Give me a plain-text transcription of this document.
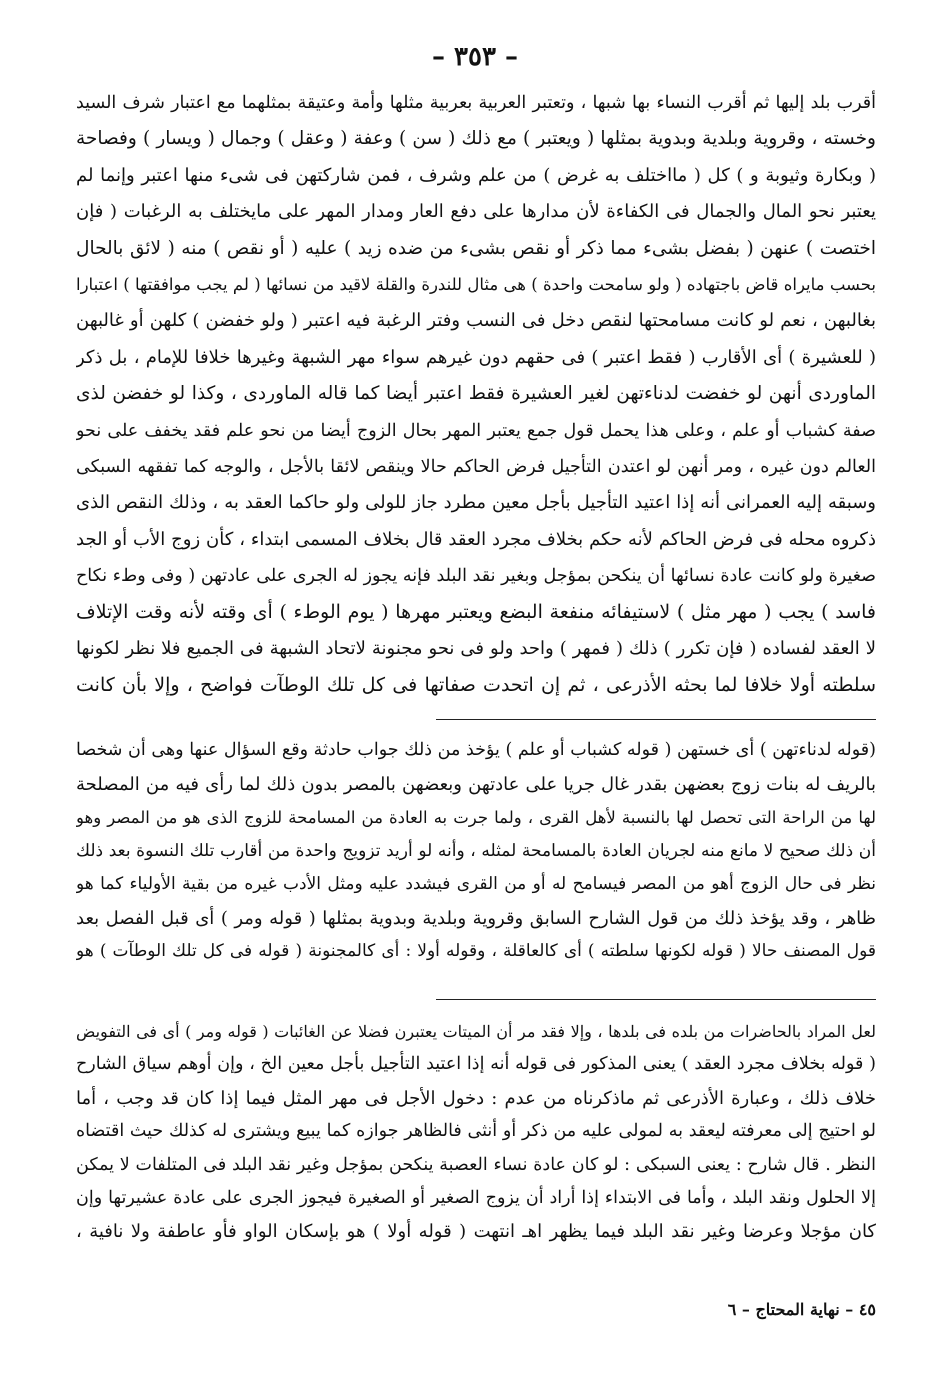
– ٣٥٣ –
أقرب بلد إليها ثم أقرب النساء بها شبها ، وتعتبر العربية بعربية مثلها وأمة وعتيقة بمثلهما مع اعتبار شرف السيد
وخسته ، وقروية وبلدية وبدوية بمثلها ( ويعتبر ) مع ذلك ( سن ) وعفة ( وعقل ) وجمال ( ويسار ) وفصاحة
( وبكارة وثيوبة و ) كل ( مااختلف به غرض ) من علم وشرف ، فمن شاركتهن فى شىء منها اعتبر وإنما لم
يعتبر نحو المال والجمال فى الكفاءة لأن مدارها على دفع العار ومدار المهر على مايختلف به الرغبات ( فإن
اختصت ) عنهن ( بفضل بشىء مما ذكر أو نقص بشىء من ضده زيد ) عليه ( أو نقص ) منه ( لائق بالحال
بحسب مايراه قاض باجتهاده ( ولو سامحت واحدة ) هى مثال للندرة والقلة لاقيد من نسائها ( لم يجب موافقتها ) اعتبارا
بغالبهن ، نعم لو كانت مسامحتها لنقص دخل فى النسب وفتر الرغبة فيه اعتبر ( ولو خفضن ) كلهن أو غالبهن
( للعشيرة ) أى الأقارب ( فقط اعتبر ) فى حقهم دون غيرهم سواء مهر الشبهة وغيرها خلافا للإمام ، بل ذكر
الماوردى أنهن لو خفضت لدناءتهن لغير العشيرة فقط اعتبر أيضا كما قاله الماوردى ، وكذا لو خفضن لذى
صفة كشباب أو علم ، وعلى هذا يحمل قول جمع يعتبر المهر بحال الزوج أيضا من نحو علم فقد يخفف على نحو
العالم دون غيره ، ومر أنهن لو اعتدن التأجيل فرض الحاكم حالا وينقص لائقا بالأجل ، والوجه كما تفقهه السبكى
وسبقه إليه العمرانى أنه إذا اعتيد التأجيل بأجل معين مطرد جاز للولى ولو حاكما العقد به ، وذلك النقص الذى
ذكروه محله فى فرض الحاكم لأنه حكم بخلاف مجرد العقد قال بخلاف المسمى ابتداء ، كأن زوج الأب أو الجد
صغيرة ولو كانت عادة نسائها أن ينكحن بمؤجل وبغير نقد البلد فإنه يجوز له الجرى على عادتهن ( وفى وطء نكاح
فاسد ) يجب ( مهر مثل ) لاستيفائه منفعة البضع ويعتبر مهرها ( يوم الوطء ) أى وقته لأنه وقت الإتلاف
لا العقد لفساده ( فإن تكرر ) ذلك ( فمهر ) واحد ولو فى نحو مجنونة لاتحاد الشبهة فى الجميع فلا نظر لكونها
سلطته أولا خلافا لما بحثه الأذرعى ، ثم إن اتحدت صفاتها فى كل تلك الوطآت فواضح ، وإلا بأن كانت
(قوله لدناءتهن ) أى خستهن ( قوله كشباب أو علم ) يؤخذ من ذلك جواب حادثة وقع السؤال عنها وهى أن شخصا
بالريف له بنات زوج بعضهن بقدر غال جريا على عادتهن وبعضهن بالمصر بدون ذلك لما رأى فيه من المصلحة
لها من الراحة التى تحصل لها بالنسبة لأهل القرى ، ولما جرت به العادة من المسامحة للزوج الذى هو من المصر وهو
أن ذلك صحيح لا مانع منه لجريان العادة بالمسامحة لمثله ، وأنه لو أريد تزويج واحدة من أقارب تلك النسوة بعد ذلك
نظر فى حال الزوج أهو من المصر فيسامح له أو من القرى فيشدد عليه ومثل الأدب غيره من بقية الأولياء كما هو
ظاهر ، وقد يؤخذ ذلك من قول الشارح السابق وقروية وبلدية وبدوية بمثلها ( قوله ومر ) أى قبل الفصل بعد
قول المصنف حالا ( قوله لكونها سلطته ) أى كالعاقلة ، وقوله أولا : أى كالمجنونة ( قوله فى كل تلك الوطآت ) هو
لعل المراد بالحاضرات من بلده فى بلدها ، وإلا فقد مر أن الميتات يعتبرن فضلا عن الغائبات ( قوله ومر ) أى فى التفويض
( قوله بخلاف مجرد العقد ) يعنى المذكور فى قوله أنه إذا اعتيد التأجيل بأجل معين الخ ، وإن أوهم سياق الشارح
خلاف ذلك ، وعبارة الأذرعى ثم ماذكرناه من عدم : دخول الأجل فى مهر المثل فيما إذا كان قد وجب ، أما
لو احتيج إلى معرفته ليعقد به لمولى عليه من ذكر أو أنثى فالظاهر جوازه كما يبيع ويشترى له كذلك حيث اقتضاه
النظر . قال شارح : يعنى السبكى : لو كان عادة نساء العصبة ينكحن بمؤجل وغير نقد البلد فى المتلفات لا يمكن
إلا الحلول ونقد البلد ، وأما فى الابتداء إذا أراد أن يزوج الصغير أو الصغيرة فيجوز الجرى على عادة عشيرتها وإن
كان مؤجلا وعرضا وغير نقد البلد فيما يظهر اهـ انتهت ( قوله أولا ) هو بإسكان الواو فأو عاطفة ولا نافية ،
٤٥ – نهاية المحتاج – ٦
